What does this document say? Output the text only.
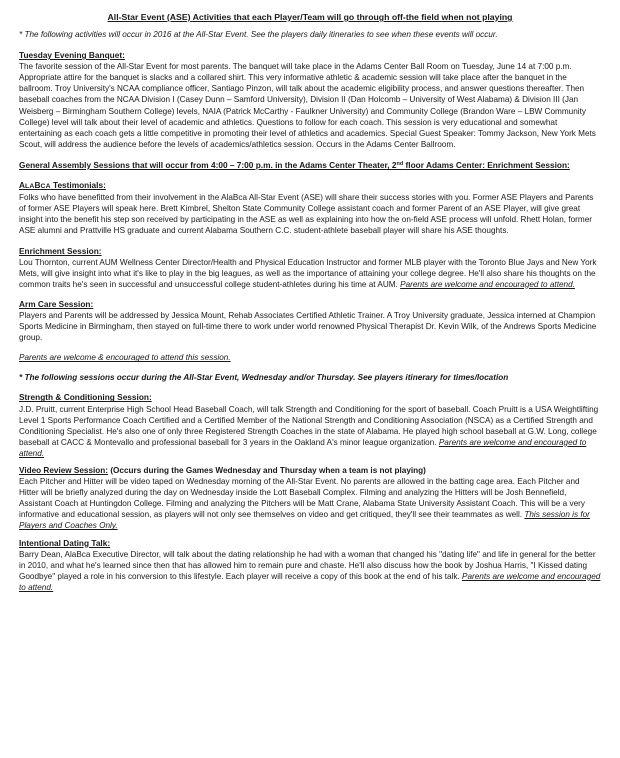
All-Star Event (ASE) Activities that each Player/Team will go through off-the field when not playing

* The following activities will occur in 2016 at the All-Star Event. See the players daily itineraries to see when these events will occur.

Tuesday Evening Banquet:

The favorite session of the All-Star Event for most parents. The banquet will take place in the Adams Center Ball Room on Tuesday, June 14 at 7:00 p.m. Appropriate attire for the banquet is slacks and a collared shirt. This very informative athletic & academic session will take place after the banquet in the ballroom. Troy University's NCAA compliance officer, Santiago Pinzon, will talk about the academic eligibility process, and answer questions thereafter. Then baseball coaches from the NCAA Division I (Casey Dunn – Samford University), Division II (Dan Holcomb – University of West Alabama) & Division III (Jan Weisberg – Birmingham Southern College) levels, NAIA (Patrick McCarthy - Faulkner University) and Community College (Brandon Ware – LBW Community College) level will talk about their level of academic and athletics. Questions to follow for each coach. This session is very educational and somewhat entertaining as each coach gets a little competitive in promoting their level of athletics and academics. Special Guest Speaker: Tommy Jackson, New York Mets Scout, will address the audience before the levels of academics/athletics session. Occurs in the Adams Center Ballroom.

General Assembly Sessions that will occur from 4:00 – 7:00 p.m. in the Adams Center Theater, 2nd floor Adams Center: Enrichment Session:

ALABCA Testimonials:

Folks who have benefitted from their involvement in the AlaBca All-Star Event (ASE) will share their success stories with you. Former ASE Players and Parents of former ASE Players will speak here. Brett Kimbrel, Shelton State Community College assistant coach and former Parent of an ASE Player, will give great insight into the benefit his step son received by participating in the ASE as well as explaining into how the on-field ASE process will unfold. Rhett Holan, former ASE alumni and Prattville HS graduate and current Alabama Southern C.C. student-athlete baseball player will share his ASE thoughts.

Enrichment Session:

Lou Thornton, current AUM Wellness Center Director/Health and Physical Education Instructor and former MLB player with the Toronto Blue Jays and New York Mets, will give insight into what it's like to play in the big leagues, as well as the importance of attaining your college degree. He'll also share his thoughts on the common traits he's seen in successful and unsuccessful college student-athletes during his time at AUM. Parents are welcome and encouraged to attend.

Arm Care Session:

Players and Parents will be addressed by Jessica Mount, Rehab Associates Certified Athletic Trainer. A Troy University graduate, Jessica interned at Champion Sports Medicine in Birmingham, then stayed on full-time there to work under world renowned Physical Therapist Dr. Kevin Wilk, of the Andrews Sports Medicine group.

Parents are welcome & encouraged to attend this session.

* The following sessions occur during the All-Star Event, Wednesday and/or Thursday. See players itinerary for times/location

Strength & Conditioning Session:

J.D. Pruitt, current Enterprise High School Head Baseball Coach, will talk Strength and Conditioning for the sport of baseball. Coach Pruitt is a USA Weightlifting Level 1 Sports Performance Coach Certified and a Certified Member of the National Strength and Conditioning Association (NSCA) as a Certified Strength and Conditioning Specialist. He's also one of only three Registered Strength Coaches in the state of Alabama. He played high school baseball at G.W. Long, college baseball at CACC & Montevallo and professional baseball for 3 years in the Oakland A's minor league organization. Parents are welcome and encouraged to attend.

Video Review Session: (Occurs during the Games Wednesday and Thursday when a team is not playing)

Each Pitcher and Hitter will be video taped on Wednesday morning of the All-Star Event. No parents are allowed in the batting cage area. Each Pitcher and Hitter will be briefly analyzed during the day on Wednesday inside the Lott Baseball Complex. Filming and analyzing the Hitters will be Josh Bennefield, Assistant Coach at Huntingdon College. Filming and analyzing the Pitchers will be Matt Crane, Alabama State University Assistant Coach. This will be a very informative and educational session, as players will not only see themselves on video and get critiqued, they'll see their teammates as well. This session is for Players and Coaches Only.

Intentional Dating Talk:

Barry Dean, AlaBca Executive Director, will talk about the dating relationship he had with a woman that changed his "dating life" and life in general for the better in 2010, and what he's learned since then that has allowed him to remain pure and chaste. He'll also discuss how the book by Joshua Harris, "I Kissed dating Goodbye" played a role in his conversion to this lifestyle. Each player will receive a copy of this book at the end of his talk. Parents are welcome and encouraged to attend.
